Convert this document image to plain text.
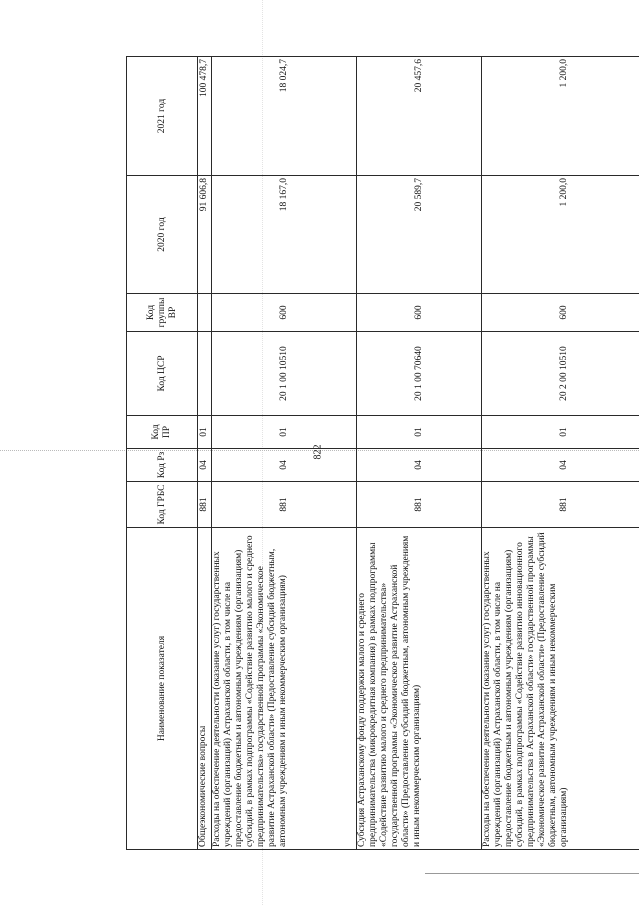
822
Наименование показателя	Код ГРБС	Код Рз	Код ПР	Код ЦСР	Код группы ВР	2020 год	2021 год
Общеэкономические вопросы	881	04	01			91 606,8	100 478,7
Расходы на обеспечение деятельности (оказание услуг) государственных учреждений (организаций) Астраханской области, в том числе на предоставление бюджетным и автономным учреждениям (организациям) субсидий, в рамках подпрограммы «Содействие развитию малого и среднего предпринимательства» государственной программы «Экономическое развитие Астраханской области» (Предоставление субсидий бюджетным, автономным учреждениям и иным некоммерческим организациям)	881	04	01	20 1 00 10510	600	18 167,0	18 024,7
Субсидия Астраханскому фонду поддержки малого и среднего предпринимательства (микрокредитная компания) в рамках подпрограммы «Содействие развитию малого и среднего предпринимательства» государственной программы «Экономическое развитие Астраханской области» (Предоставление субсидий бюджетным, автономным учреждениям и иным некоммерческим организациям)	881	04	01	20 1 00 70640	600	20 589,7	20 457,6
Расходы на обеспечение деятельности (оказание услуг) государственных учреждений (организаций) Астраханской области, в том числе на предоставление бюджетным и автономным учреждениям (организациям) субсидий, в рамках подпрограммы «Содействие развитию инновационного предпринимательства в Астраханской области» государственной программы «Экономическое развитие Астраханской области» (Предоставление субсидий бюджетным, автономным учреждениям и иным некоммерческим организациям)	881	04	01	20 2 00 10510	600	1 200,0	1 200,0
